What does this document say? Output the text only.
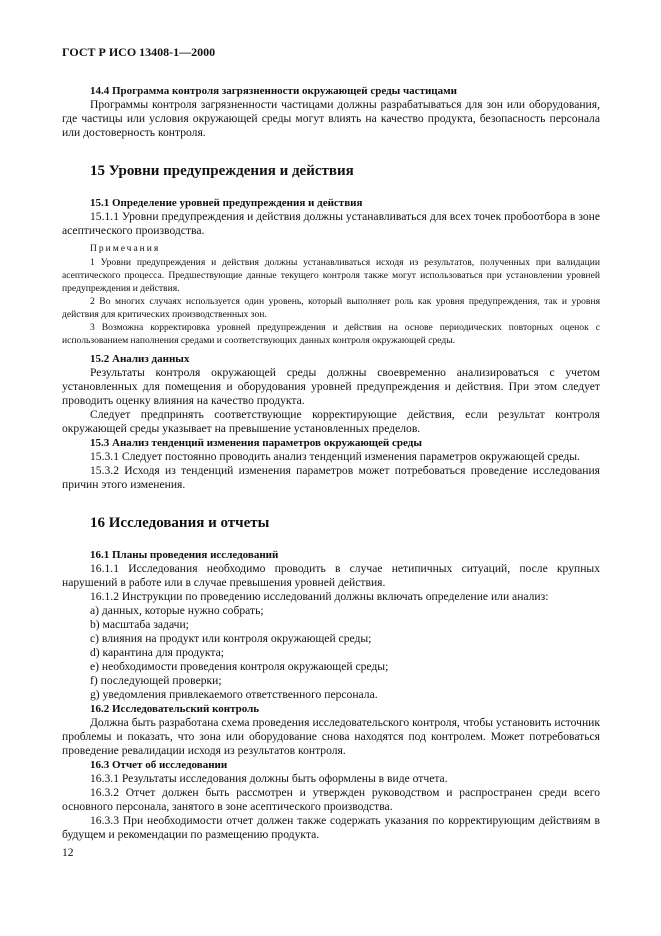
ГОСТ Р ИСО 13408-1—2000
14.4 Программа контроля загрязненности окружающей среды частицами

Программы контроля загрязненности частицами должны разрабатываться для зон или оборудования, где частицы или условия окружающей среды могут влиять на качество продукта, безопасность персонала или достоверность контроля.

15 Уровни предупреждения и действия
15.1 Определение уровней предупреждения и действия

15.1.1 Уровни предупреждения и действия должны устанавливаться для всех точек пробоотбора в зоне асептического производства.

Примечания
1 Уровни предупреждения и действия должны устанавливаться исходя из результатов, полученных при валидации асептического процесса. Предшествующие данные текущего контроля также могут использоваться при установлении уровней предупреждения и действия.
2 Во многих случаях используется один уровень, который выполняет роль как уровня предупреждения, так и уровня действия для критических производственных зон.
3 Возможна корректировка уровней предупреждения и действия на основе периодических повторных оценок с использованием наполнения средами и соответствующих данных контроля окружающей среды.
15.2 Анализ данных

Результаты контроля окружающей среды должны своевременно анализироваться с учетом установленных для помещения и оборудования уровней предупреждения и действия. При этом следует проводить оценку влияния на качество продукта.

Следует предпринять соответствующие корректирующие действия, если результат контроля окружающей среды указывает на превышение установленных пределов.

15.3 Анализ тенденций изменения параметров окружающей среды

15.3.1 Следует постоянно проводить анализ тенденций изменения параметров окружающей среды.

15.3.2 Исходя из тенденций изменения параметров может потребоваться проведение исследования причин этого изменения.

16 Исследования и отчеты
16.1 Планы проведения исследований

16.1.1 Исследования необходимо проводить в случае нетипичных ситуаций, после крупных нарушений в работе или в случае превышения уровней действия.

16.1.2 Инструкции по проведению исследований должны включать определение или анализ:

a) данных, которые нужно собрать;
b) масштаба задачи;
c) влияния на продукт или контроля окружающей среды;
d) карантина для продукта;
e) необходимости проведения контроля окружающей среды;
f) последующей проверки;
g) уведомления привлекаемого ответственного персонала.
16.2 Исследовательский контроль

Должна быть разработана схема проведения исследовательского контроля, чтобы установить источник проблемы и показать, что зона или оборудование снова находятся под контролем. Может потребоваться проведение ревалидации исходя из результатов контроля.

16.3 Отчет об исследовании

16.3.1 Результаты исследования должны быть оформлены в виде отчета.

16.3.2 Отчет должен быть рассмотрен и утвержден руководством и распространен среди всего основного персонала, занятого в зоне асептического производства.

16.3.3 При необходимости отчет должен также содержать указания по корректирующим действиям в будущем и рекомендации по размещению продукта.

12
